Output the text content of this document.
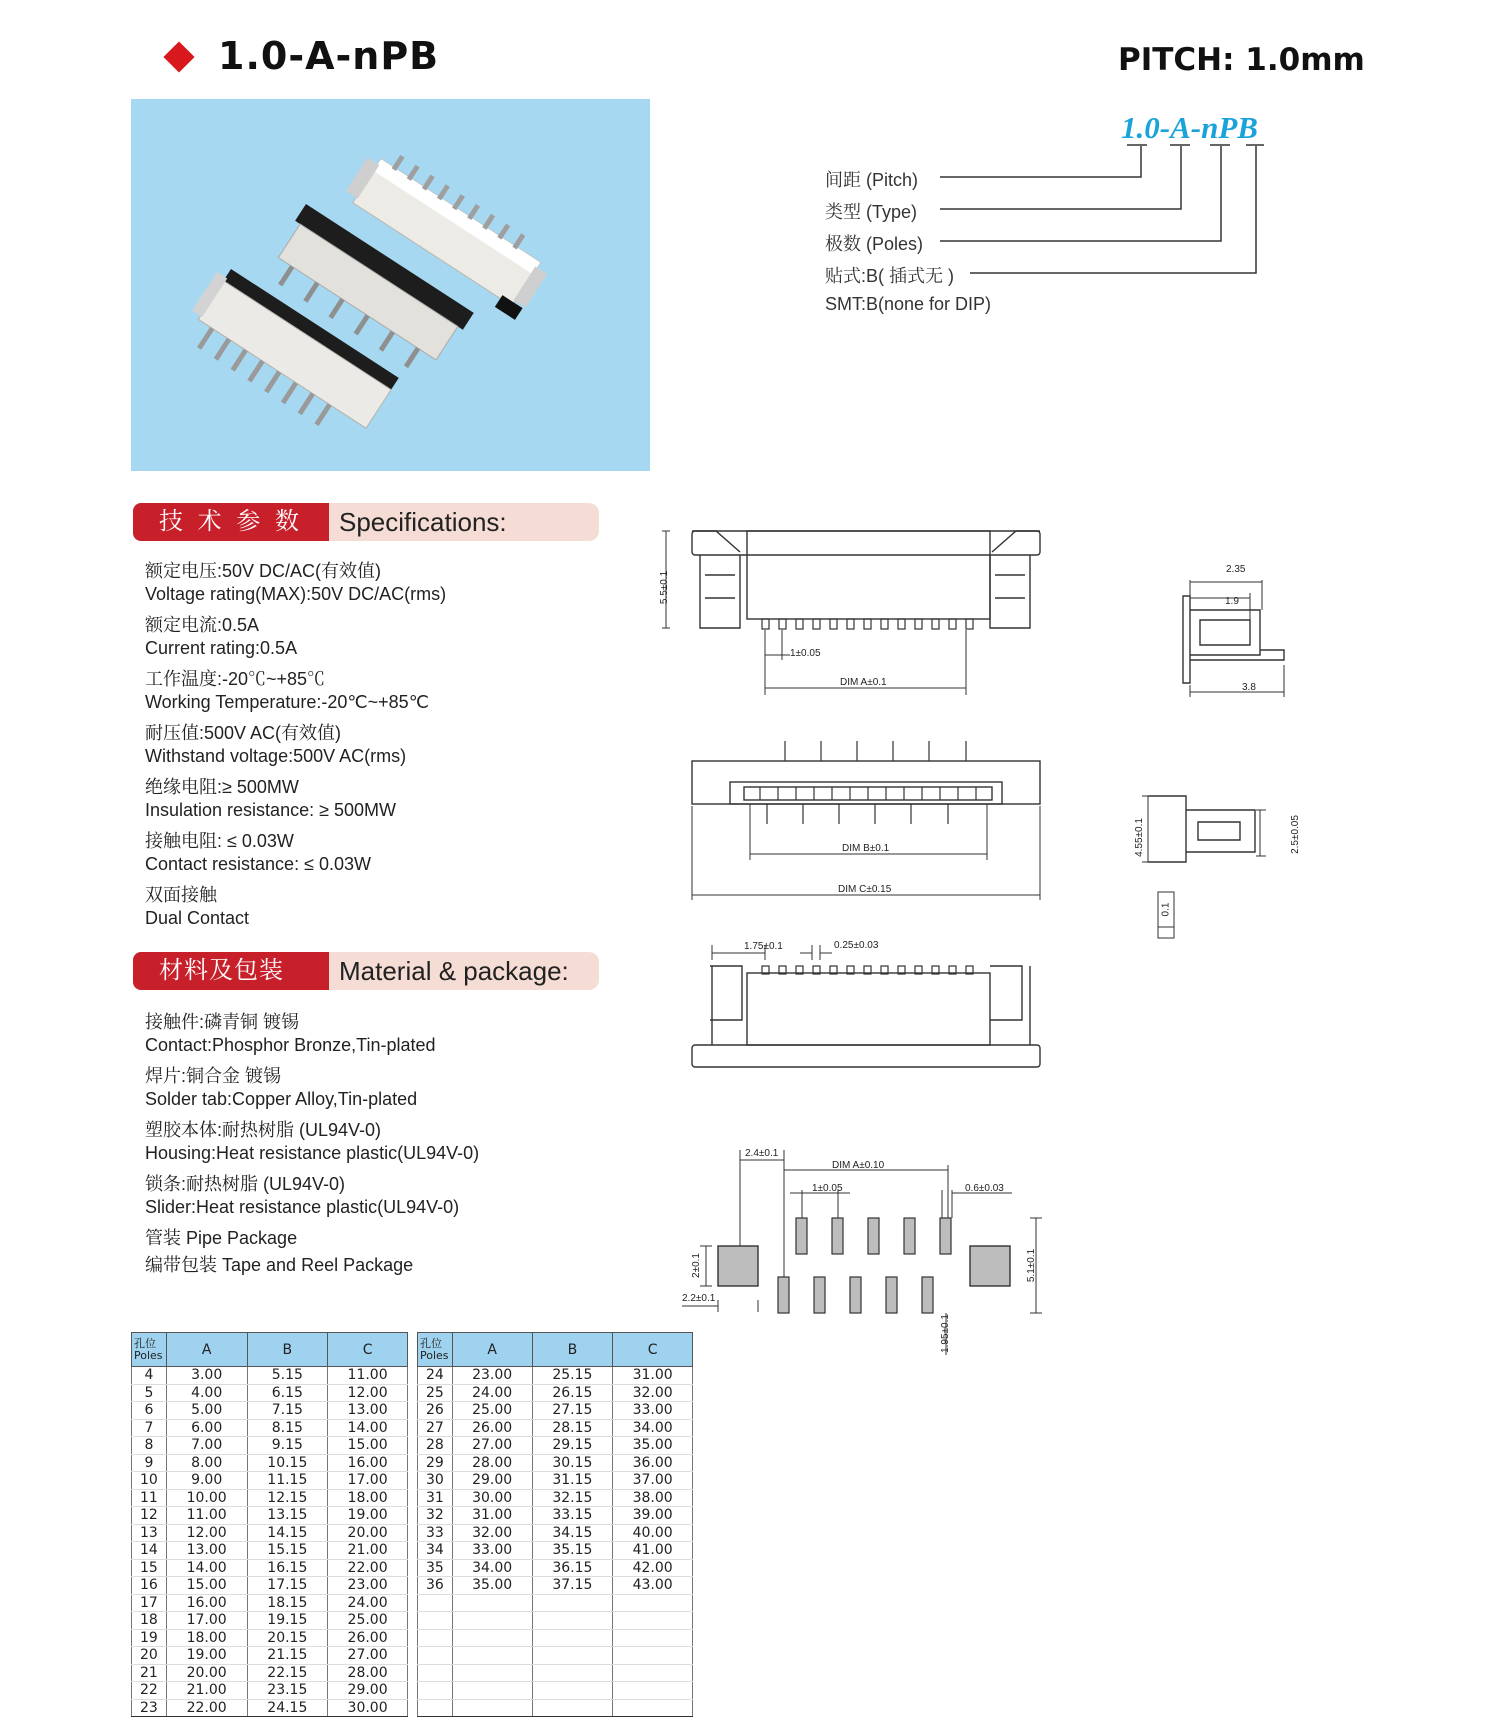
1.0-A-nPB	PITCH: 1.0mm
1.0-A-nPB
间距 (Pitch)
类型 (Type)
极数 (Poles)
贴式:B( 插式无 )
SMT:B(none for DIP)
技 术 参 数	Specifications:
额定电压:50V DC/AC(有效值)
Voltage rating(MAX):50V DC/AC(rms)
额定电流:0.5A
Current rating:0.5A
工作温度:-20℃~+85℃
Working Temperature:-20℃~+85℃
耐压值:500V AC(有效值)
Withstand voltage:500V AC(rms)
绝缘电阻:≥ 500MW
Insulation resistance: ≥ 500MW
接触电阻: ≤ 0.03W
Contact resistance: ≤ 0.03W
双面接触
Dual Contact
材料及包装	Material & package:
接触件:磷青铜 镀锡
Contact:Phosphor Bronze,Tin-plated
焊片:铜合金 镀锡
Solder tab:Copper Alloy,Tin-plated
塑胶本体:耐热树脂 (UL94V-0)
Housing:Heat resistance plastic(UL94V-0)
锁条:耐热树脂 (UL94V-0)
Slider:Heat resistance plastic(UL94V-0)
管装 Pipe Package
编带包装 Tape and Reel Package
5.5±0.1
1±0.05
DIM A±0.1
2.35
1.9
3.8
DIM B±0.1
DIM C±0.15
4.55±0.1	2.5±0.05
0.1
1.75±0.1	0.25±0.03
2.4±0.1
DIM A±0.10
1±0.05	0.6±0.03
2±0.1
2.2±0.1
5.1±0.1
1.95±0.1
孔位
Poles	A	B	C
4	3.00	5.15	11.00
5	4.00	6.15	12.00
6	5.00	7.15	13.00
7	6.00	8.15	14.00
8	7.00	9.15	15.00
9	8.00	10.15	16.00
10	9.00	11.15	17.00
11	10.00	12.15	18.00
12	11.00	13.15	19.00
13	12.00	14.15	20.00
14	13.00	15.15	21.00
15	14.00	16.15	22.00
16	15.00	17.15	23.00
17	16.00	18.15	24.00
18	17.00	19.15	25.00
19	18.00	20.15	26.00
20	19.00	21.15	27.00
21	20.00	22.15	28.00
22	21.00	23.15	29.00
23	22.00	24.15	30.00
孔位
Poles	A	B	C
24	23.00	25.15	31.00
25	24.00	26.15	32.00
26	25.00	27.15	33.00
27	26.00	28.15	34.00
28	27.00	29.15	35.00
29	28.00	30.15	36.00
30	29.00	31.15	37.00
31	30.00	32.15	38.00
32	31.00	33.15	39.00
33	32.00	34.15	40.00
34	33.00	35.15	41.00
35	34.00	36.15	42.00
36	35.00	37.15	43.00
